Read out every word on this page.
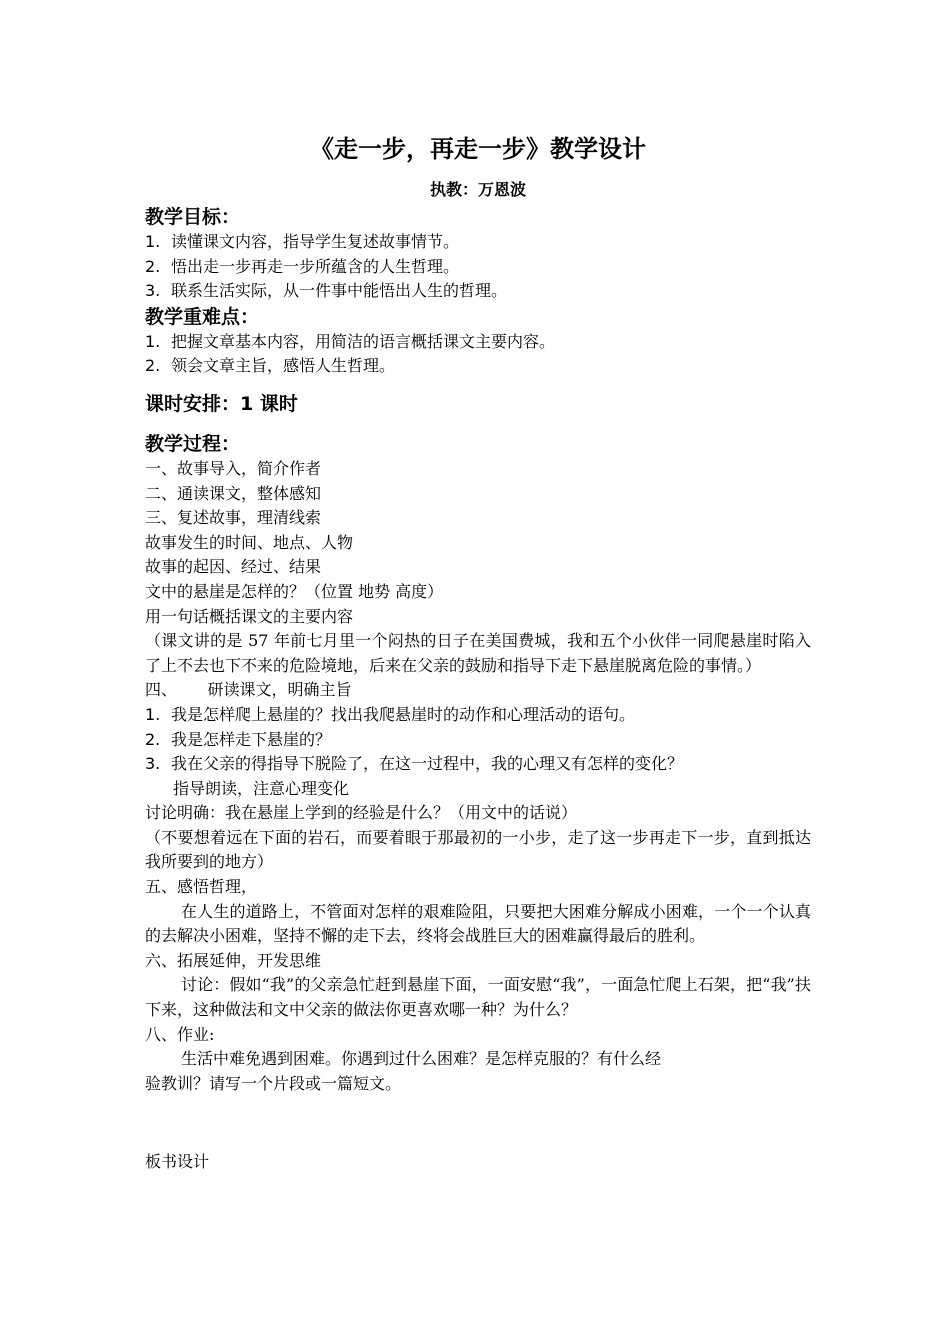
《走一步，再走一步》教学设计
执教：万恩波
教学目标：
1. 读懂课文内容，指导学生复述故事情节。
2. 悟出走一步再走一步所蕴含的人生哲理。
3. 联系生活实际，从一件事中能悟出人生的哲理。
教学重难点：
1. 把握文章基本内容，用简洁的语言概括课文主要内容。
2. 领会文章主旨，感悟人生哲理。
课时安排：1 课时
教学过程：
一、故事导入，简介作者
二、通读课文，整体感知
三、复述故事，理清线索
故事发生的时间、地点、人物
故事的起因、经过、结果
文中的悬崖是怎样的？（位置 地势 高度）
用一句话概括课文的主要内容
（课文讲的是 57 年前七月里一个闷热的日子在美国费城，我和五个小伙伴一同爬悬崖时陷入了上不去也下不来的危险境地，后来在父亲的鼓励和指导下走下悬崖脱离危险的事情。）
四、      研读课文，明确主旨
1. 我是怎样爬上悬崖的？找出我爬悬崖时的动作和心理活动的语句。
2. 我是怎样走下悬崖的？
3. 我在父亲的得指导下脱险了，在这一过程中，我的心理又有怎样的变化？
指导朗读，注意心理变化
讨论明确：我在悬崖上学到的经验是什么？（用文中的话说）
（不要想着远在下面的岩石，而要着眼于那最初的一小步，走了这一步再走下一步，直到抵达我所要到的地方）
五、感悟哲理，
在人生的道路上，不管面对怎样的艰难险阻，只要把大困难分解成小困难，一个一个认真的去解决小困难，坚持不懈的走下去，终将会战胜巨大的困难赢得最后的胜利。
六、拓展延伸，开发思维
讨论：假如“我”的父亲急忙赶到悬崖下面，一面安慰“我”，一面急忙爬上石架，把“我”扶下来，这种做法和文中父亲的做法你更喜欢哪一种？为什么？
八、作业:
生活中难免遇到困难。你遇到过什么困难？是怎样克服的？有什么经
验教训？请写一个片段或一篇短文。
板书设计
